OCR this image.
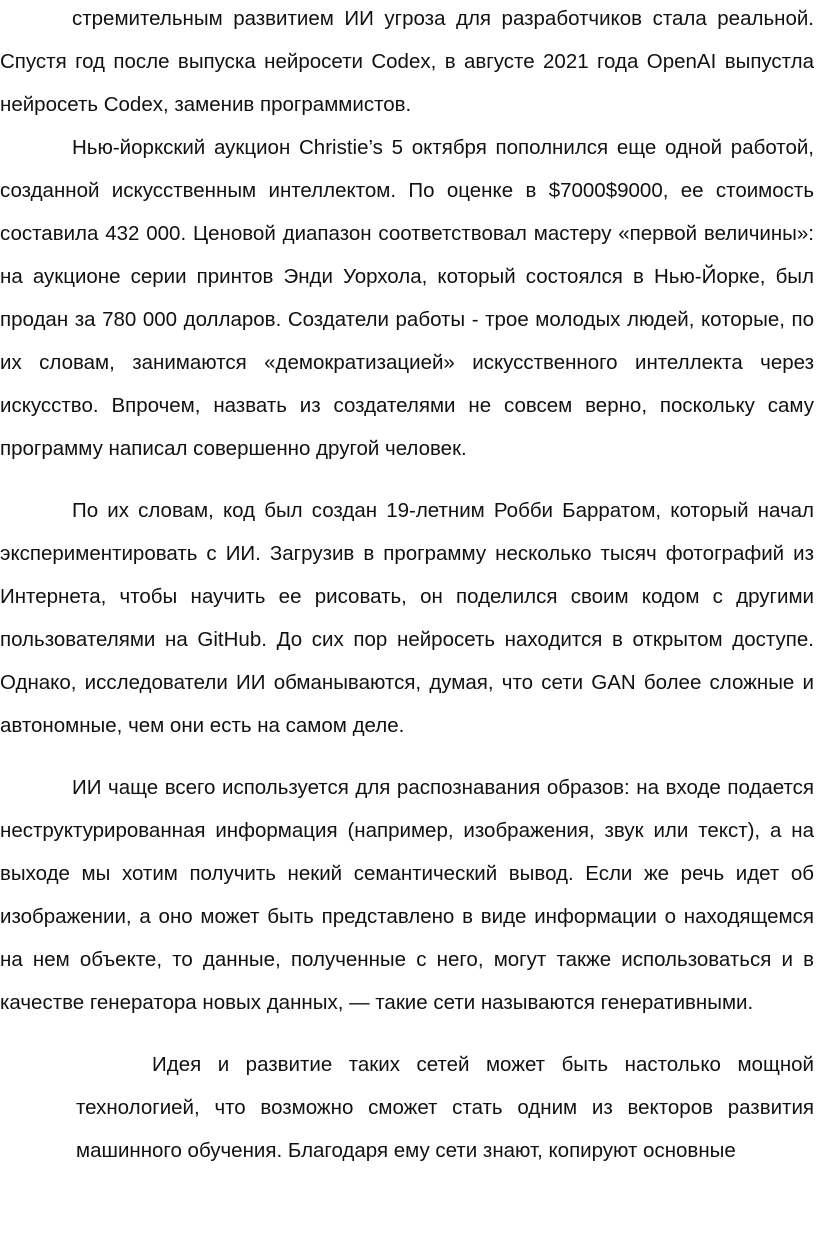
стремительным развитием ИИ угроза для разработчиков стала реальной. Спустя год после выпуска нейросети Codex, в августе 2021 года OpenAI выпустла нейросеть Codex, заменив программистов.

Нью-йоркский аукцион Christie’s 5 октября пополнился еще одной работой, созданной искусственным интеллектом. По оценке в $7000$9000, ее стоимость составила 432 000. Ценовой диапазон соответствовал мастеру «первой величины»: на аукционе серии принтов Энди Уорхола, который состоялся в Нью-Йорке, был продан за 780 000 долларов. Создатели работы - трое молодых людей, которые, по их словам, занимаются «демократизацией» искусственного интеллекта через искусство. Впрочем, назвать из создателями не совсем верно, поскольку саму программу написал совершенно другой человек.

По их словам, код был создан 19-летним Робби Барратом, который начал экспериментировать с ИИ. Загрузив в программу несколько тысяч фотографий из Интернета, чтобы научить ее рисовать, он поделился своим кодом с другими пользователями на GitHub. До сих пор нейросеть находится в открытом доступе. Однако, исследователи ИИ обманываются, думая, что сети GAN более сложные и автономные, чем они есть на самом деле.

ИИ чаще всего используется для распознавания образов: на входе подается неструктурированная информация (например, изображения, звук или текст), а на выходе мы хотим получить некий семантический вывод. Если же речь идет об изображении, а оно может быть представлено в виде информации о находящемся на нем объекте, то данные, полученные с него, могут также использоваться и в качестве генератора новых данных, — такие сети называются генеративными.

Идея и развитие таких сетей может быть настолько мощной технологией, что возможно сможет стать одним из векторов развития машинного обучения. Благодаря ему сети знают, копируют основные
